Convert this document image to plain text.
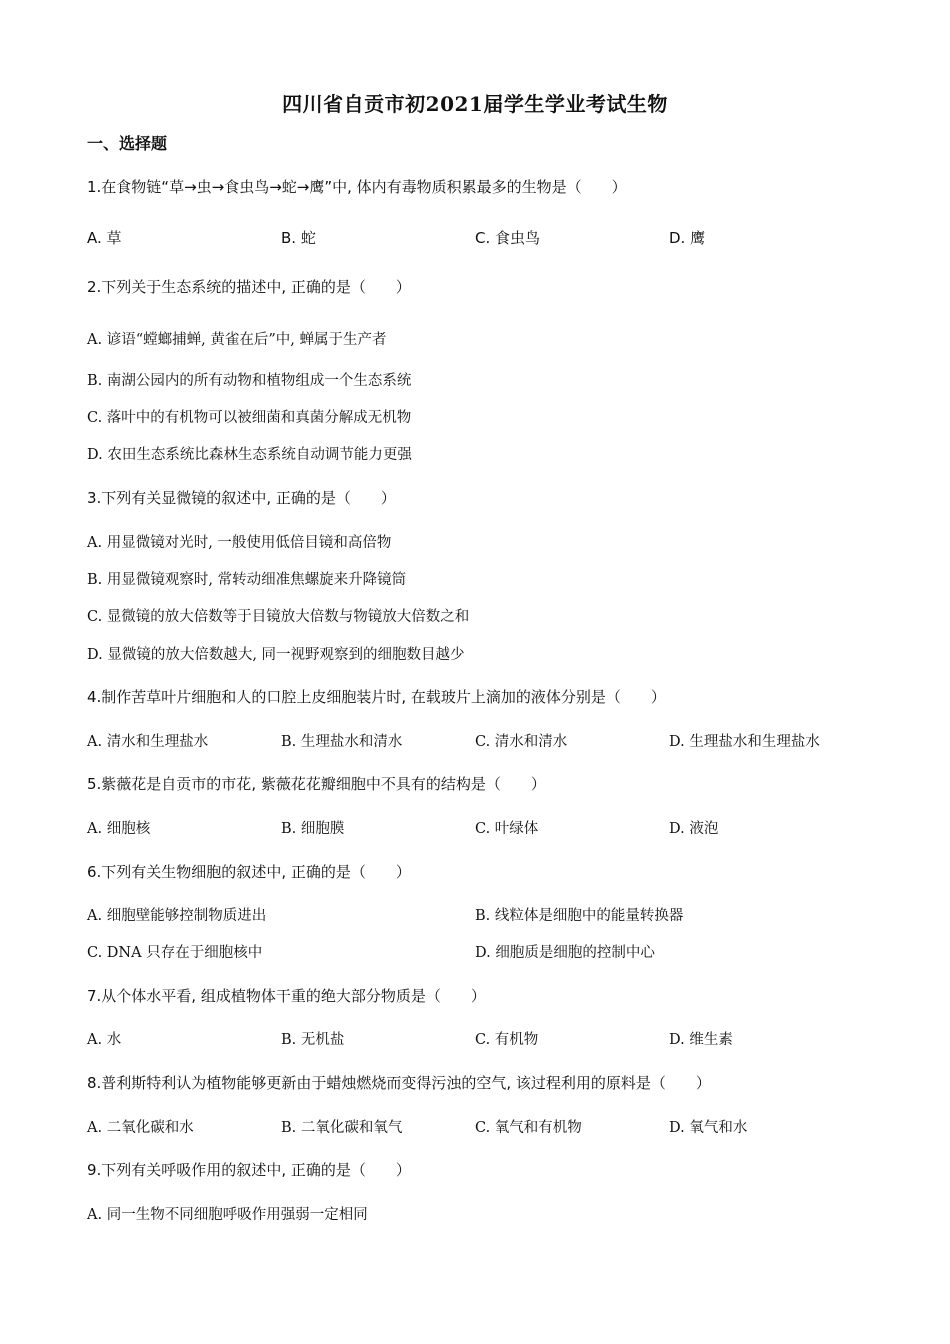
四川省自贡市初2021届学生学业考试生物
一、选择题
1.在食物链“草→虫→食虫鸟→蛇→鹰”中, 体内有毒物质积累最多的生物是（　　）
A. 草	B. 蛇	C. 食虫鸟	D. 鹰
2.下列关于生态系统的描述中, 正确的是（　　）
A. 谚语“螳螂捕蝉, 黄雀在后”中, 蝉属于生产者
B. 南湖公园内的所有动物和植物组成一个生态系统
C. 落叶中的有机物可以被细菌和真菌分解成无机物
D. 农田生态系统比森林生态系统自动调节能力更强
3.下列有关显微镜的叙述中, 正确的是（　　）
A. 用显微镜对光时, 一般使用低倍目镜和高倍物
B. 用显微镜观察时, 常转动细准焦螺旋来升降镜筒
C. 显微镜的放大倍数等于目镜放大倍数与物镜放大倍数之和
D. 显微镜的放大倍数越大, 同一视野观察到的细胞数目越少
4.制作苦草叶片细胞和人的口腔上皮细胞装片时, 在载玻片上滴加的液体分别是（　　）
A. 清水和生理盐水	B. 生理盐水和清水	C. 清水和清水	D. 生理盐水和生理盐水
5.紫薇花是自贡市的市花, 紫薇花花瓣细胞中不具有的结构是（　　）
A. 细胞核	B. 细胞膜	C. 叶绿体	D. 液泡
6.下列有关生物细胞的叙述中, 正确的是（　　）
A. 细胞壁能够控制物质进出	B. 线粒体是细胞中的能量转换器
C. DNA 只存在于细胞核中	D. 细胞质是细胞的控制中心
7.从个体水平看, 组成植物体干重的绝大部分物质是（　　）
A. 水	B. 无机盐	C. 有机物	D. 维生素
8.普利斯特利认为植物能够更新由于蜡烛燃烧而变得污浊的空气, 该过程利用的原料是（　　）
A. 二氧化碳和水	B. 二氧化碳和氧气	C. 氧气和有机物	D. 氧气和水
9.下列有关呼吸作用的叙述中, 正确的是（　　）
A. 同一生物不同细胞呼吸作用强弱一定相同
